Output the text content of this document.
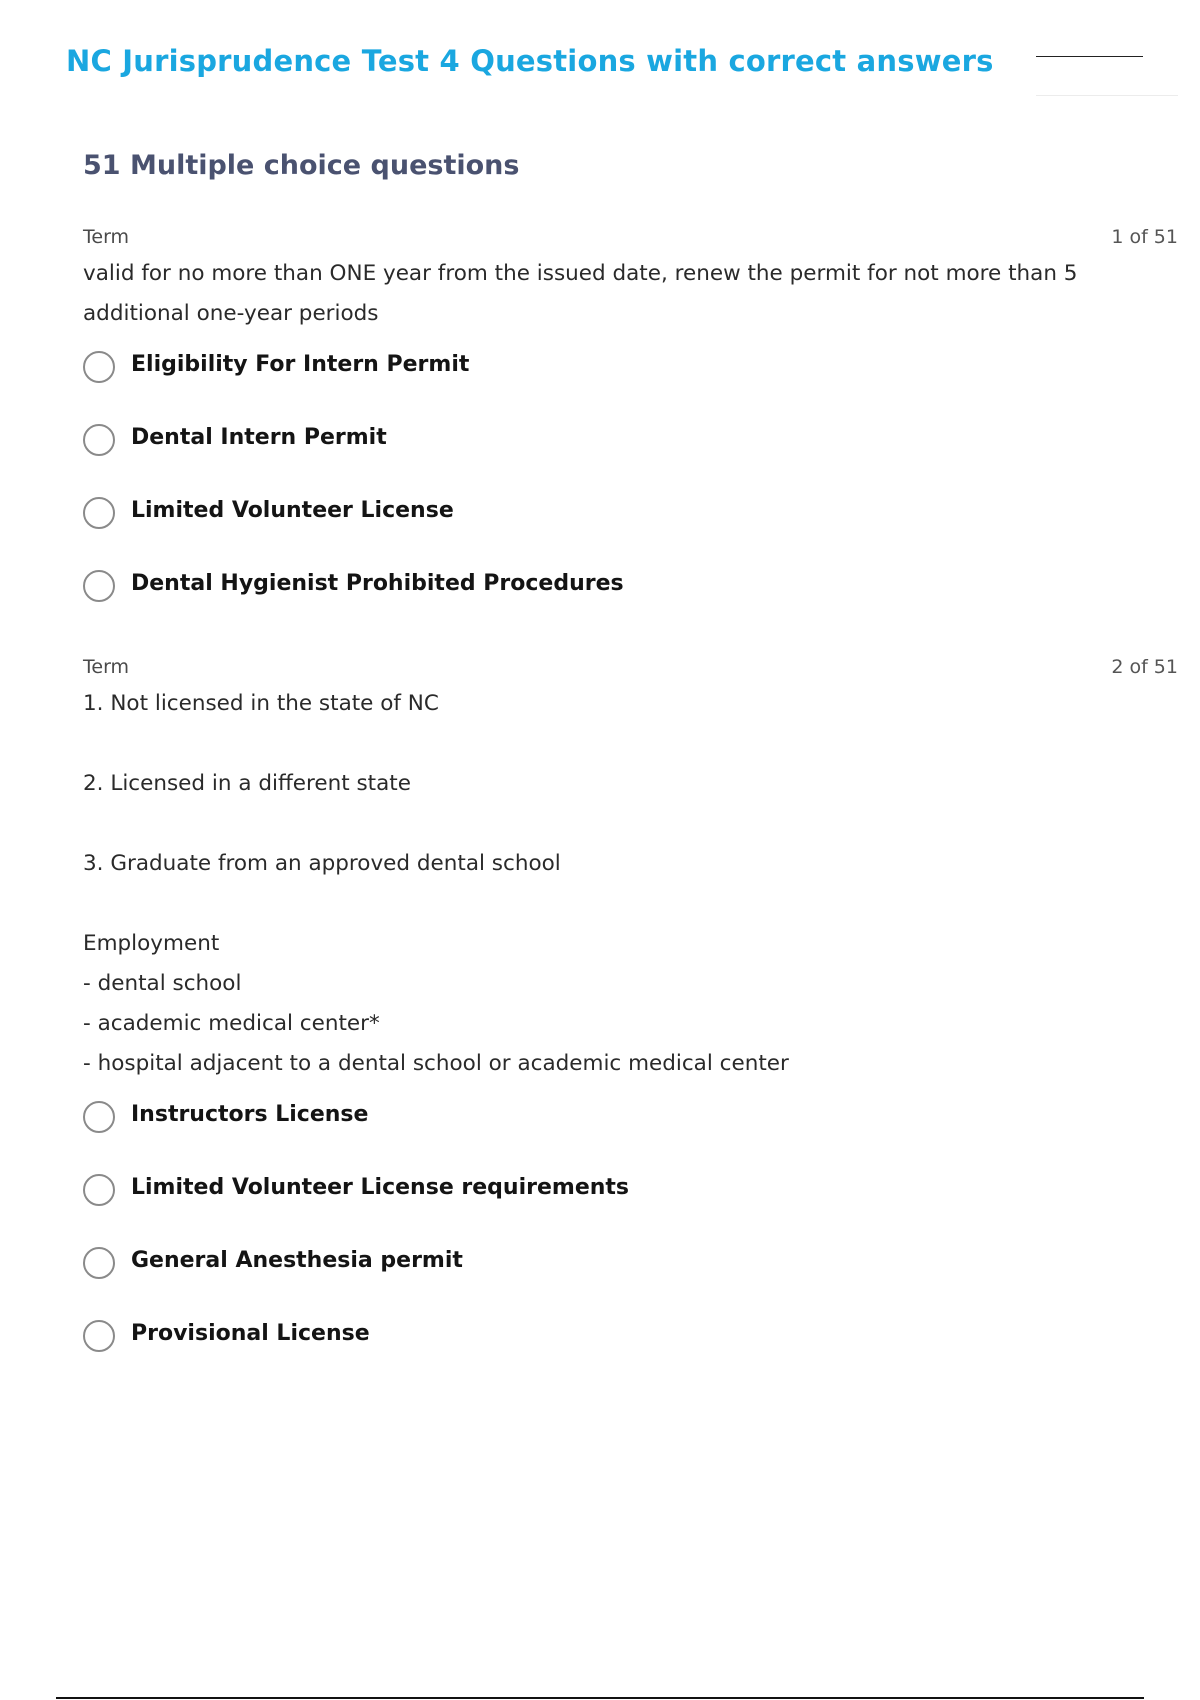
NC Jurisprudence Test 4 Questions with correct answers
51 Multiple choice questions
Term	1 of 51

valid for no more than ONE year from the issued date, renew the permit for not more than 5 additional one-year periods

Eligibility For Intern Permit
Dental Intern Permit
Limited Volunteer License
Dental Hygienist Prohibited Procedures
Term	2 of 51
1. Not licensed in the state of NC
2. Licensed in a different state
3. Graduate from an approved dental school
Employment
- dental school
- academic medical center*
- hospital adjacent to a dental school or academic medical center
Instructors License
Limited Volunteer License requirements
General Anesthesia permit
Provisional License
